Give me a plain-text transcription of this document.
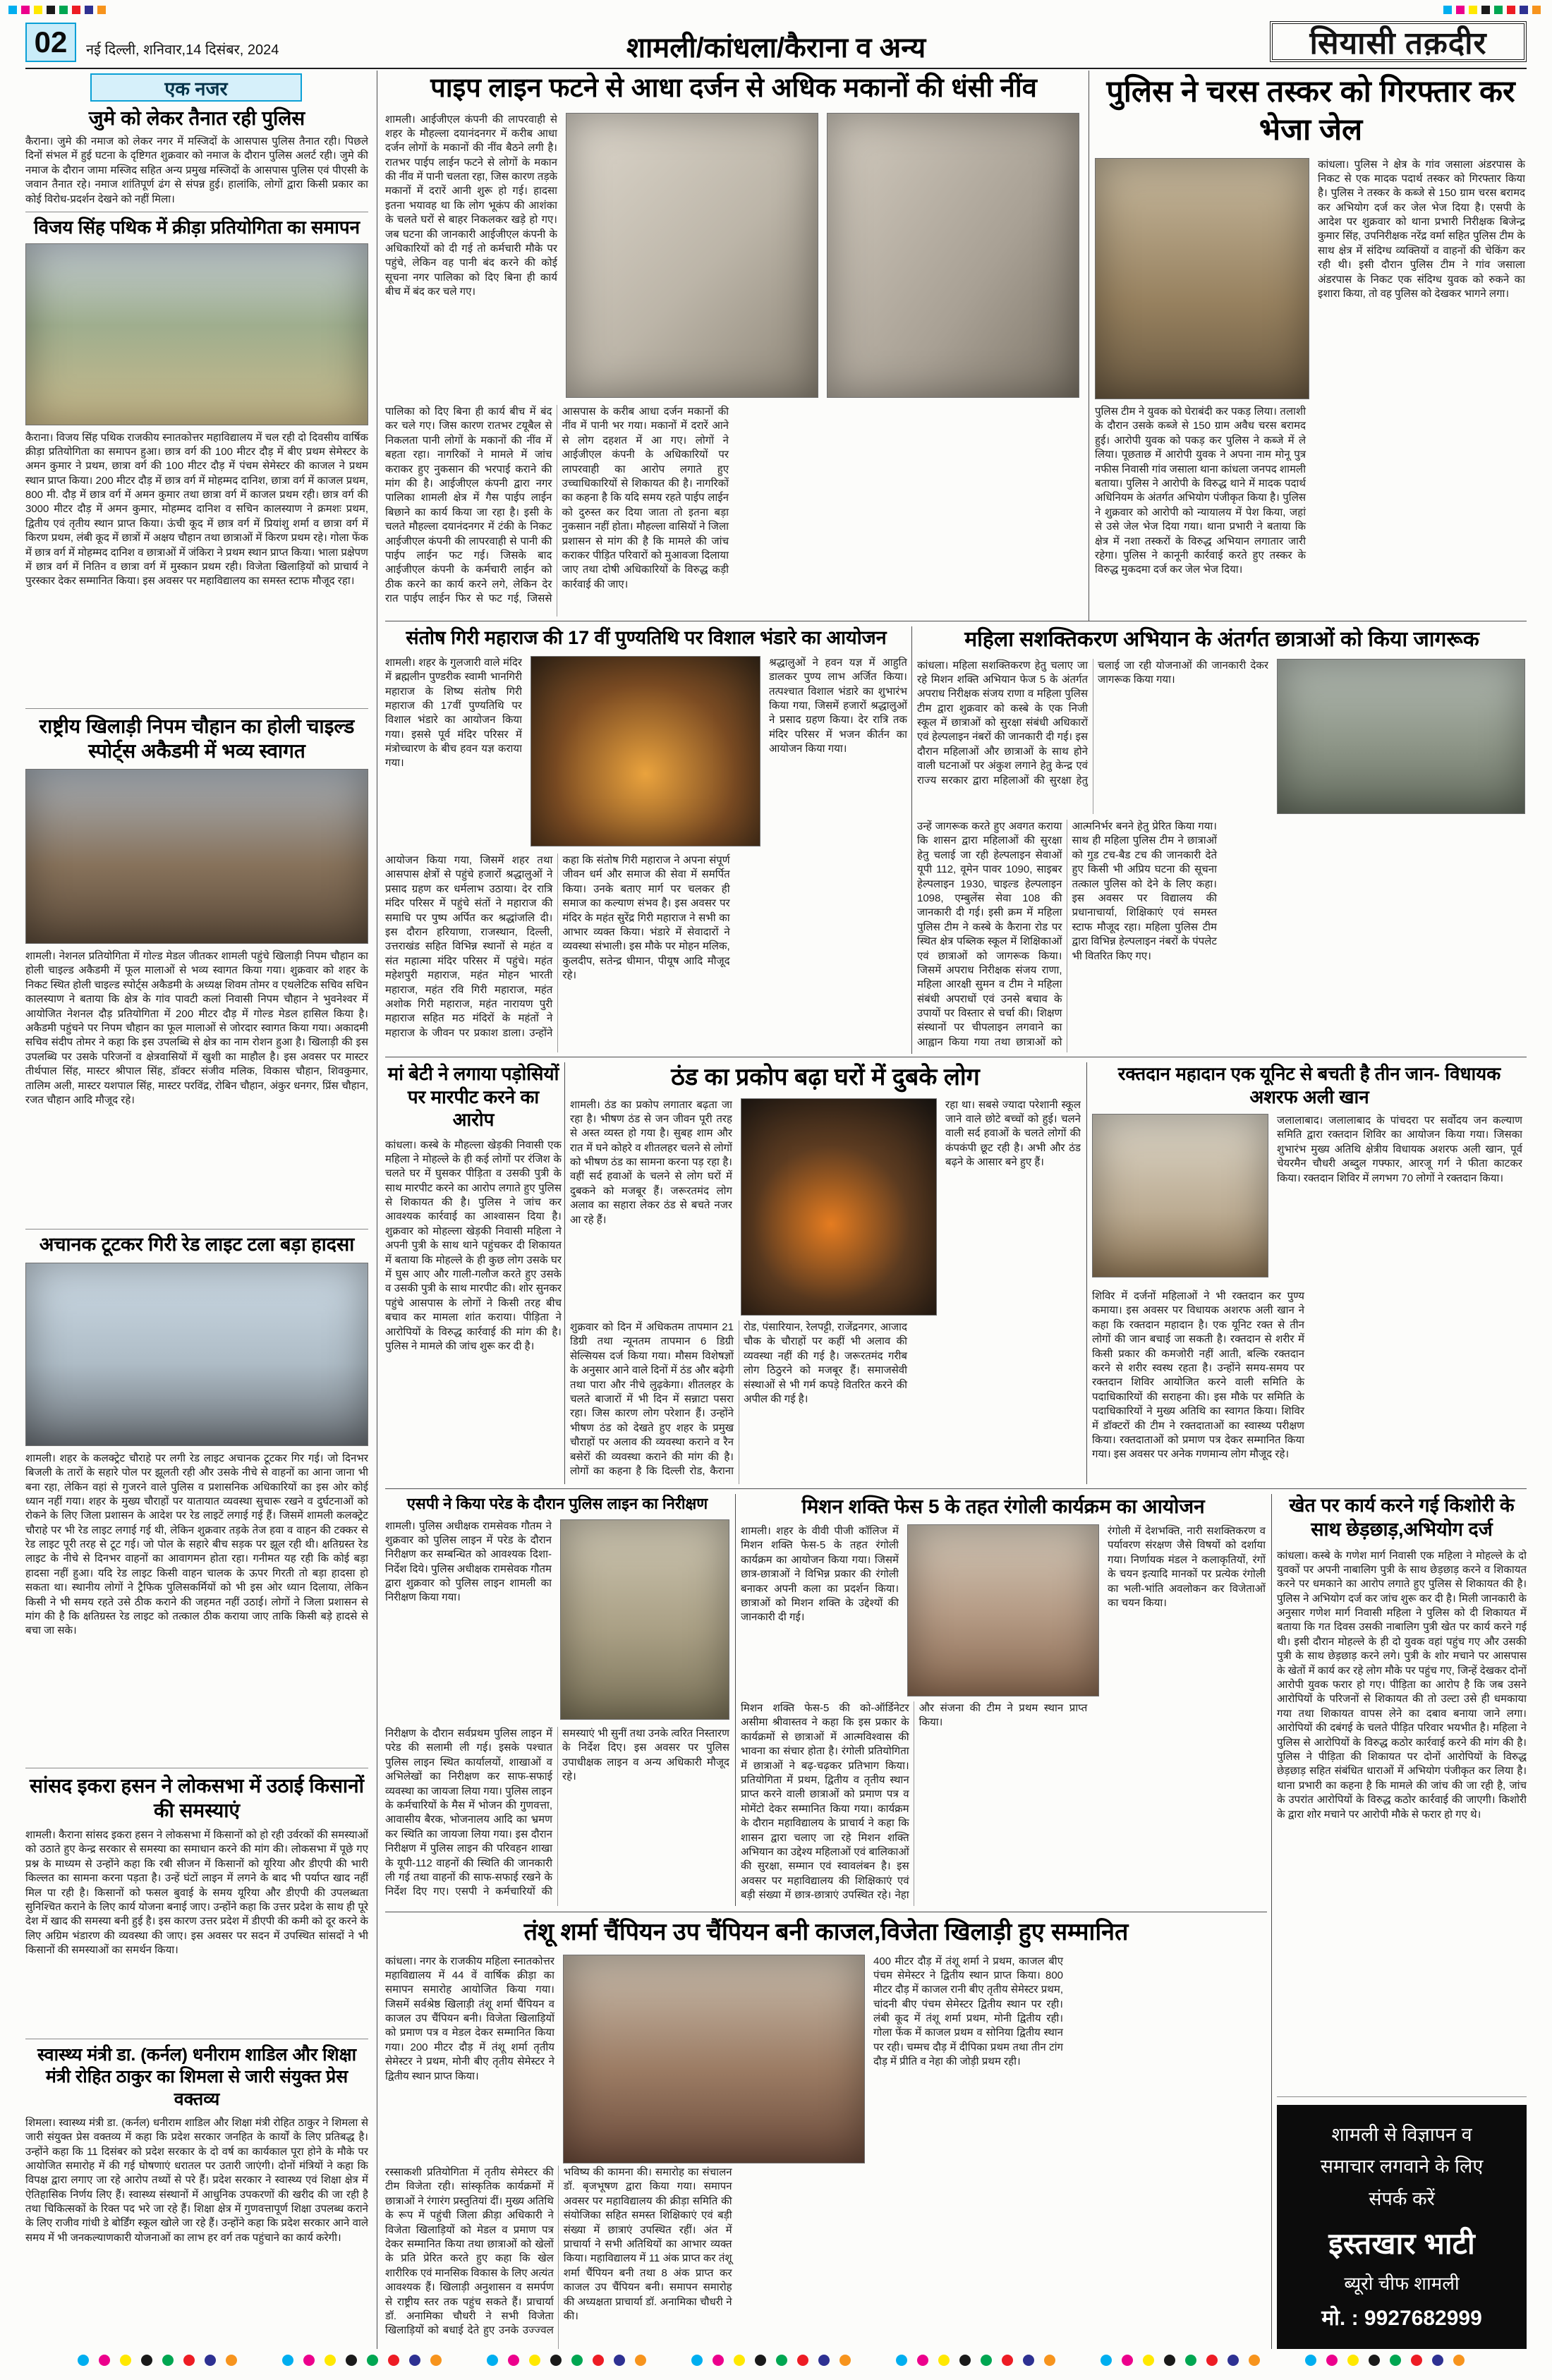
02	नई दिल्ली, शनिवार,14 दिसंबर, 2024	शामली/कांधला/कैराना व अन्य	सियासी तक़दीर
एक नजर
जुमे को लेकर तैनात रही पुलिस
कैराना। जुमे की नमाज को लेकर नगर में मस्जिदों के आसपास पुलिस तैनात रही। पिछले दिनों संभल में हुई घटना के दृष्टिगत शुक्रवार को नमाज के दौरान पुलिस अलर्ट रही। जुमे की नमाज के दौरान जामा मस्जिद सहित अन्य प्रमुख मस्जिदों के आसपास पुलिस एवं पीएसी के जवान तैनात रहे। नमाज शांतिपूर्ण ढंग से संपन्न हुई। हालांकि, लोगों द्वारा किसी प्रकार का कोई विरोध-प्रदर्शन देखने को नहीं मिला।
विजय सिंह पथिक में क्रीड़ा प्रतियोगिता का समापन
कैराना। विजय सिंह पथिक राजकीय स्नातकोत्तर महाविद्यालय में चल रही दो दिवसीय वार्षिक क्रीड़ा प्रतियोगिता का समापन हुआ। छात्र वर्ग की 100 मीटर दौड़ में बीए प्रथम सेमेस्टर के अमन कुमार ने प्रथम, छात्रा वर्ग की 100 मीटर दौड़ में पंचम सेमेस्टर की काजल ने प्रथम स्थान प्राप्त किया। 200 मीटर दौड़ में छात्र वर्ग में मोहम्मद दानिश, छात्रा वर्ग में काजल प्रथम, 800 मी. दौड़ में छात्र वर्ग में अमन कुमार तथा छात्रा वर्ग में काजल प्रथम रही। छात्र वर्ग की 3000 मीटर दौड़ में अमन कुमार, मोहम्मद दानिश व सचिन कालस्याण ने क्रमशः प्रथम, द्वितीय एवं तृतीय स्थान प्राप्त किया। ऊंची कूद में छात्र वर्ग में प्रियांशु शर्मा व छात्रा वर्ग में किरण प्रथम, लंबी कूद में छात्रों में अक्षय चौहान तथा छात्राओं में किरण प्रथम रहे। गोला फेंक में छात्र वर्ग में मोहम्मद दानिश व छात्राओं में जंकिरा ने प्रथम स्थान प्राप्त किया। भाला प्रक्षेपण में छात्र वर्ग में नितिन व छात्रा वर्ग में मुस्कान प्रथम रही। विजेता खिलाड़ियों को प्राचार्य ने पुरस्कार देकर सम्मानित किया। इस अवसर पर महाविद्यालय का समस्त स्टाफ मौजूद रहा।
राष्ट्रीय खिलाड़ी निपम चौहान का होली चाइल्ड स्पोर्ट्स अकैडमी में भव्य स्वागत
शामली। नेशनल प्रतियोगिता में गोल्ड मेडल जीतकर शामली पहुंचे खिलाड़ी निपम चौहान का होली चाइल्ड अकैडमी में फूल मालाओं से भव्य स्वागत किया गया। शुक्रवार को शहर के निकट स्थित होली चाइल्ड स्पोर्ट्स अकैडमी के अध्यक्ष शिवम तोमर व एथलेटिक सचिव सचिन कालस्याण ने बताया कि क्षेत्र के गांव पावटी कलां निवासी निपम चौहान ने भुवनेश्वर में आयोजित नेशनल दौड़ प्रतियोगिता में 200 मीटर दौड़ में गोल्ड मेडल हासिल किया है। अकैडमी पहुंचने पर निपम चौहान का फूल मालाओं से जोरदार स्वागत किया गया। अकादमी सचिव संदीप तोमर ने कहा कि इस उपलब्धि से क्षेत्र का नाम रोशन हुआ है। खिलाड़ी की इस उपलब्धि पर उसके परिजनों व क्षेत्रवासियों में खुशी का माहौल है। इस अवसर पर मास्टर तीर्थपाल सिंह, मास्टर श्रीपाल सिंह, डॉक्टर संजीव मलिक, विकास चौहान, शिवकुमार, तालिम अली, मास्टर यशपाल सिंह, मास्टर परविंद्र, रोबिन चौहान, अंकुर धनगर, प्रिंस चौहान, रजत चौहान आदि मौजूद रहे।
अचानक टूटकर गिरी रेड लाइट टला बड़ा हादसा
शामली। शहर के कलक्ट्रेट चौराहे पर लगी रेड लाइट अचानक टूटकर गिर गई। जो दिनभर बिजली के तारों के सहारे पोल पर झूलती रही और उसके नीचे से वाहनों का आना जाना भी बना रहा, लेकिन वहां से गुजरने वाले पुलिस व प्रशासनिक अधिकारियों का इस ओर कोई ध्यान नहीं गया। शहर के मुख्य चौराहों पर यातायात व्यवस्था सुचारू रखने व दुर्घटनाओं को रोकने के लिए जिला प्रशासन के आदेश पर रेड लाइटें लगाई गई हैं। जिसमें शामली कलक्ट्रेट चौराहे पर भी रेड लाइट लगाई गई थी, लेकिन शुक्रवार तड़के तेज हवा व वाहन की टक्कर से रेड लाइट पूरी तरह से टूट गई। जो पोल के सहारे बीच सड़क पर झूल रही थी। क्षतिग्रस्त रेड लाइट के नीचे से दिनभर वाहनों का आवागमन होता रहा। गनीमत यह रही कि कोई बड़ा हादसा नहीं हुआ। यदि रेड लाइट किसी वाहन चालक के ऊपर गिरती तो बड़ा हादसा हो सकता था। स्थानीय लोगों ने ट्रैफिक पुलिसकर्मियों को भी इस ओर ध्यान दिलाया, लेकिन किसी ने भी समय रहते उसे ठीक कराने की जहमत नहीं उठाई। लोगों ने जिला प्रशासन से मांग की है कि क्षतिग्रस्त रेड लाइट को तत्काल ठीक कराया जाए ताकि किसी बड़े हादसे से बचा जा सके।
सांसद इकरा हसन ने लोकसभा में उठाई किसानों की समस्याएं
शामली। कैराना सांसद इकरा हसन ने लोकसभा में किसानों को हो रही उर्वरकों की समस्याओं को उठाते हुए केन्द्र सरकार से समस्या का समाधान करने की मांग की। लोकसभा में पूछे गए प्रश्न के माध्यम से उन्होंने कहा कि रबी सीजन में किसानों को यूरिया और डीएपी की भारी किल्लत का सामना करना पड़ता है। उन्हें घंटों लाइन में लगने के बाद भी पर्याप्त खाद नहीं मिल पा रही है। किसानों को फसल बुवाई के समय यूरिया और डीएपी की उपलब्धता सुनिश्चित कराने के लिए कार्य योजना बनाई जाए। उन्होंने कहा कि उत्तर प्रदेश के साथ ही पूरे देश में खाद की समस्या बनी हुई है। इस कारण उत्तर प्रदेश में डीएपी की कमी को दूर करने के लिए अग्रिम भंडारण की व्यवस्था की जाए। इस अवसर पर सदन में उपस्थित सांसदों ने भी किसानों की समस्याओं का समर्थन किया।
स्वास्थ्य मंत्री डा. (कर्नल) धनीराम शाडिल और शिक्षा मंत्री रोहित ठाकुर का शिमला से जारी संयुक्त प्रेस वक्तव्य
शिमला। स्वास्थ्य मंत्री डा. (कर्नल) धनीराम शाडिल और शिक्षा मंत्री रोहित ठाकुर ने शिमला से जारी संयुक्त प्रेस वक्तव्य में कहा कि प्रदेश सरकार जनहित के कार्यों के लिए प्रतिबद्ध है। उन्होंने कहा कि 11 दिसंबर को प्रदेश सरकार के दो वर्ष का कार्यकाल पूरा होने के मौके पर आयोजित समारोह में की गई घोषणाएं धरातल पर उतारी जाएंगी। दोनों मंत्रियों ने कहा कि विपक्ष द्वारा लगाए जा रहे आरोप तथ्यों से परे हैं। प्रदेश सरकार ने स्वास्थ्य एवं शिक्षा क्षेत्र में ऐतिहासिक निर्णय लिए हैं। स्वास्थ्य संस्थानों में आधुनिक उपकरणों की खरीद की जा रही है तथा चिकित्सकों के रिक्त पद भरे जा रहे हैं। शिक्षा क्षेत्र में गुणवत्तापूर्ण शिक्षा उपलब्ध कराने के लिए राजीव गांधी डे बोर्डिंग स्कूल खोले जा रहे हैं। उन्होंने कहा कि प्रदेश सरकार आने वाले समय में भी जनकल्याणकारी योजनाओं का लाभ हर वर्ग तक पहुंचाने का कार्य करेगी।
पाइप लाइन फटने से आधा दर्जन से अधिक मकानों की धंसी नींव
शामली। आईजीएल कंपनी की लापरवाही से शहर के मौहल्ला दयानंदनगर में करीब आधा दर्जन लोगों के मकानों की नींव बैठने लगी है। रातभर पाईप लाईन फटने से लोगों के मकान की नींव में पानी चलता रहा, जिस कारण तड़के मकानों में दरारें आनी शुरू हो गई। हादसा इतना भयावह था कि लोग भूकंप की आशंका के चलते घरों से बाहर निकलकर खड़े हो गए। जब घटना की जानकारी आईजीएल कंपनी के अधिकारियों को दी गई तो कर्मचारी मौके पर पहुंचे, लेकिन वह पानी बंद करने की कोई सूचना नगर पालिका को दिए बिना ही कार्य बीच में बंद कर चले गए।
पालिका को दिए बिना ही कार्य बीच में बंद कर चले गए। जिस कारण रातभर टयूबैल से निकलता पानी लोगों के मकानों की नींव में बहता रहा। नागरिकों ने मामले में जांच कराकर हुए नुकसान की भरपाई कराने की मांग की है। आईजीएल कंपनी द्वारा नगर पालिका शामली क्षेत्र में गैस पाईप लाईन बिछाने का कार्य किया जा रहा है। इसी के चलते मौहल्ला दयानंदनगर में टंकी के निकट आईजीएल कंपनी की लापरवाही से पानी की पाईप लाईन फट गई। जिसके बाद आईजीएल कंपनी के कर्मचारी लाईन को ठीक करने का कार्य करने लगे, लेकिन देर रात पाईप लाईन फिर से फट गई, जिससे आसपास के करीब आधा दर्जन मकानों की नींव में पानी भर गया। मकानों में दरारें आने से लोग दहशत में आ गए। लोगों ने आईजीएल कंपनी के अधिकारियों पर लापरवाही का आरोप लगाते हुए उच्चाधिकारियों से शिकायत की है। नागरिकों का कहना है कि यदि समय रहते पाईप लाईन को दुरुस्त कर दिया जाता तो इतना बड़ा नुकसान नहीं होता। मौहल्ला वासियों ने जिला प्रशासन से मांग की है कि मामले की जांच कराकर पीड़ित परिवारों को मुआवजा दिलाया जाए तथा दोषी अधिकारियों के विरुद्ध कड़ी कार्रवाई की जाए।
पुलिस ने चरस तस्कर को गिरफ्तार कर भेजा जेल
कांधला। पुलिस ने क्षेत्र के गांव जसाला अंडरपास के निकट से एक मादक पदार्थ तस्कर को गिरफ्तार किया है। पुलिस ने तस्कर के कब्जे से 150 ग्राम चरस बरामद कर अभियोग दर्ज कर जेल भेज दिया है। एसपी के आदेश पर शुक्रवार को थाना प्रभारी निरीक्षक बिजेन्द्र कुमार सिंह, उपनिरीक्षक नरेंद्र वर्मा सहित पुलिस टीम के साथ क्षेत्र में संदिग्ध व्यक्तियों व वाहनों की चेकिंग कर रही थी। इसी दौरान पुलिस टीम ने गांव जसाला अंडरपास के निकट एक संदिग्ध युवक को रुकने का इशारा किया, तो वह पुलिस को देखकर भागने लगा।
पुलिस टीम ने युवक को घेराबंदी कर पकड़ लिया। तलाशी के दौरान उसके कब्जे से 150 ग्राम अवैध चरस बरामद हुई। आरोपी युवक को पकड़ कर पुलिस ने कब्जे में ले लिया। पूछताछ में आरोपी युवक ने अपना नाम मोनू पुत्र नफीस निवासी गांव जसाला थाना कांधला जनपद शामली बताया। पुलिस ने आरोपी के विरुद्ध थाने में मादक पदार्थ अधिनियम के अंतर्गत अभियोग पंजीकृत किया है। पुलिस ने शुक्रवार को आरोपी को न्यायालय में पेश किया, जहां से उसे जेल भेज दिया गया। थाना प्रभारी ने बताया कि क्षेत्र में नशा तस्करों के विरुद्ध अभियान लगातार जारी रहेगा। पुलिस ने कानूनी कार्रवाई करते हुए तस्कर के विरुद्ध मुकदमा दर्ज कर जेल भेज दिया।
संतोष गिरी महाराज की 17 वीं पुण्यतिथि पर विशाल भंडारे का आयोजन
शामली। शहर के गुलजारी वाले मंदिर में ब्रह्मलीन पुण्डरीक स्वामी भानगिरी महाराज के शिष्य संतोष गिरी महाराज की 17वीं पुण्यतिथि पर विशाल भंडारे का आयोजन किया गया। इससे पूर्व मंदिर परिसर में मंत्रोच्चारण के बीच हवन यज्ञ कराया गया।
श्रद्धालुओं ने हवन यज्ञ में आहुति डालकर पुण्य लाभ अर्जित किया। तत्पश्चात विशाल भंडारे का शुभारंभ किया गया, जिसमें हजारों श्रद्धालुओं ने प्रसाद ग्रहण किया। देर रात्रि तक मंदिर परिसर में भजन कीर्तन का आयोजन किया गया।
आयोजन किया गया, जिसमें शहर तथा आसपास क्षेत्रों से पहुंचे हजारों श्रद्धालुओं ने प्रसाद ग्रहण कर धर्मलाभ उठाया। देर रात्रि मंदिर परिसर में पहुंचे संतों ने महाराज की समाधि पर पुष्प अर्पित कर श्रद्धांजलि दी। इस दौरान हरियाणा, राजस्थान, दिल्ली, उत्तराखंड सहित विभिन्न स्थानों से महंत व संत महात्मा मंदिर परिसर में पहुंचे। महंत महेशपुरी महाराज, महंत मोहन भारती महाराज, महंत रवि गिरी महाराज, महंत अशोक गिरी महाराज, महंत नारायण पुरी महाराज सहित मठ मंदिरों के महंतों ने महाराज के जीवन पर प्रकाश डाला। उन्होंने कहा कि संतोष गिरी महाराज ने अपना संपूर्ण जीवन धर्म और समाज की सेवा में समर्पित किया। उनके बताए मार्ग पर चलकर ही समाज का कल्याण संभव है। इस अवसर पर मंदिर के महंत सुरेंद्र गिरी महाराज ने सभी का आभार व्यक्त किया। भंडारे में सेवादारों ने व्यवस्था संभाली। इस मौके पर मोहन मलिक, कुलदीप, सतेन्द्र धीमान, पीयूष आदि मौजूद रहे।
महिला सशक्तिकरण अभियान के अंतर्गत छात्राओं को किया जागरूक
कांधला। महिला सशक्तिकरण हेतु चलाए जा रहे मिशन शक्ति अभियान फेज 5 के अंतर्गत अपराध निरीक्षक संजय राणा व महिला पुलिस टीम द्वारा शुक्रवार को कस्बे के एक निजी स्कूल में छात्राओं को सुरक्षा संबंधी अधिकारों एवं हेल्पलाइन नंबरों की जानकारी दी गई। इस दौरान महिलाओं और छात्राओं के साथ होने वाली घटनाओं पर अंकुश लगाने हेतु केन्द्र एवं राज्य सरकार द्वारा महिलाओं की सुरक्षा हेतु चलाई जा रही योजनाओं की जानकारी देकर जागरूक किया गया।
उन्हें जागरूक करते हुए अवगत कराया कि शासन द्वारा महिलाओं की सुरक्षा हेतु चलाई जा रही हेल्पलाइन सेवाओं यूपी 112, वूमेन पावर 1090, साइबर हेल्पलाइन 1930, चाइल्ड हेल्पलाइन 1098, एम्बुलेंस सेवा 108 की जानकारी दी गई। इसी क्रम में महिला पुलिस टीम ने कस्बे के कैराना रोड पर स्थित क्षेत्र पब्लिक स्कूल में शिक्षिकाओं एवं छात्राओं को जागरूक किया। जिसमें अपराध निरीक्षक संजय राणा, महिला आरक्षी सुमन व टीम ने महिला संबंधी अपराधों एवं उनसे बचाव के उपायों पर विस्तार से चर्चा की। शिक्षण संस्थानों पर चीपलाइन लगवाने का आह्वान किया गया तथा छात्राओं को आत्मनिर्भर बनने हेतु प्रेरित किया गया। साथ ही महिला पुलिस टीम ने छात्राओं को गुड टच-बैड टच की जानकारी देते हुए किसी भी अप्रिय घटना की सूचना तत्काल पुलिस को देने के लिए कहा। इस अवसर पर विद्यालय की प्रधानाचार्या, शिक्षिकाएं एवं समस्त स्टाफ मौजूद रहा। महिला पुलिस टीम द्वारा विभिन्न हेल्पलाइन नंबरों के पंपलेट भी वितरित किए गए।
मां बेटी ने लगाया पड़ोसियों पर मारपीट करने का आरोप
कांधला। कस्बे के मौहल्ला खेड़की निवासी एक महिला ने मोहल्ले के ही कई लोगों पर रंजिश के चलते घर में घुसकर पीड़िता व उसकी पुत्री के साथ मारपीट करने का आरोप लगाते हुए पुलिस से शिकायत की है। पुलिस ने जांच कर आवश्यक कार्रवाई का आश्वासन दिया है। शुक्रवार को मोहल्ला खेड़की निवासी महिला ने अपनी पुत्री के साथ थाने पहुंचकर दी शिकायत में बताया कि मोहल्ले के ही कुछ लोग उसके घर में घुस आए और गाली-गलौज करते हुए उसके व उसकी पुत्री के साथ मारपीट की। शोर सुनकर पहुंचे आसपास के लोगों ने किसी तरह बीच बचाव कर मामला शांत कराया। पीड़िता ने आरोपियों के विरुद्ध कार्रवाई की मांग की है। पुलिस ने मामले की जांच शुरू कर दी है।
ठंड का प्रकोप बढ़ा घरों में दुबके लोग
शामली। ठंड का प्रकोप लगातार बढ़ता जा रहा है। भीषण ठंड से जन जीवन पूरी तरह से अस्त व्यस्त हो गया है। सुबह शाम और रात में घने कोहरे व शीतलहर चलने से लोगों को भीषण ठंड का सामना करना पड़ रहा है। वहीं सर्द हवाओं के चलने से लोग घरों में दुबकने को मजबूर हैं। जरूरतमंद लोग अलाव का सहारा लेकर ठंड से बचते नजर आ रहे हैं।
रहा था। सबसे ज्यादा परेशानी स्कूल जाने वाले छोटे बच्चों को हुई। चलने वाली सर्द हवाओं के चलते लोगों की कंपकंपी छूट रही है। अभी और ठंड बढ़ने के आसार बने हुए हैं।
शुक्रवार को दिन में अधिकतम तापमान 21 डिग्री तथा न्यूनतम तापमान 6 डिग्री सेल्सियस दर्ज किया गया। मौसम विशेषज्ञों के अनुसार आने वाले दिनों में ठंड और बढ़ेगी तथा पारा और नीचे लुढ़केगा। शीतलहर के चलते बाजारों में भी दिन में सन्नाटा पसरा रहा। जिस कारण लोग परेशान हैं। उन्होंने भीषण ठंड को देखते हुए शहर के प्रमुख चौराहों पर अलाव की व्यवस्था कराने व रैन बसेरों की व्यवस्था कराने की मांग की है। लोगों का कहना है कि दिल्ली रोड, कैराना रोड, पंसारियान, रेलपट्टी, राजेंद्रनगर, आजाद चौक के चौराहों पर कहीं भी अलाव की व्यवस्था नहीं की गई है। जरूरतमंद गरीब लोग ठिठुरने को मजबूर हैं। समाजसेवी संस्थाओं से भी गर्म कपड़े वितरित करने की अपील की गई है।
रक्तदान महादान एक यूनिट से बचती है तीन जान- विधायक अशरफ अली खान
जलालाबाद। जलालाबाद के पांचदरा पर सर्वोदय जन कल्याण समिति द्वारा रक्तदान शिविर का आयोजन किया गया। जिसका शुभारंभ मुख्य अतिथि क्षेत्रीय विधायक अशरफ अली खान, पूर्व चेयरमैन चौधरी अब्दुल गफ्फार, आरजू गर्ग ने फीता काटकर किया। रक्तदान शिविर में लगभग 70 लोगों ने रक्तदान किया।
शिविर में दर्जनों महिलाओं ने भी रक्तदान कर पुण्य कमाया। इस अवसर पर विधायक अशरफ अली खान ने कहा कि रक्तदान महादान है। एक यूनिट रक्त से तीन लोगों की जान बचाई जा सकती है। रक्तदान से शरीर में किसी प्रकार की कमजोरी नहीं आती, बल्कि रक्तदान करने से शरीर स्वस्थ रहता है। उन्होंने समय-समय पर रक्तदान शिविर आयोजित करने वाली समिति के पदाधिकारियों की सराहना की। इस मौके पर समिति के पदाधिकारियों ने मुख्य अतिथि का स्वागत किया। शिविर में डॉक्टरों की टीम ने रक्तदाताओं का स्वास्थ्य परीक्षण किया। रक्तदाताओं को प्रमाण पत्र देकर सम्मानित किया गया। इस अवसर पर अनेक गणमान्य लोग मौजूद रहे।
एसपी ने किया परेड के दौरान पुलिस लाइन का निरीक्षण
शामली। पुलिस अधीक्षक रामसेवक गौतम ने शुक्रवार को पुलिस लाइन में परेड के दौरान निरीक्षण कर सम्बन्धित को आवश्यक दिशा-निर्देश दिये। पुलिस अधीक्षक रामसेवक गौतम द्वारा शुक्रवार को पुलिस लाइन शामली का निरीक्षण किया गया।
निरीक्षण के दौरान सर्वप्रथम पुलिस लाइन में परेड की सलामी ली गई। इसके पश्चात पुलिस लाइन स्थित कार्यालयों, शाखाओं व अभिलेखों का निरीक्षण कर साफ-सफाई व्यवस्था का जायजा लिया गया। पुलिस लाइन के कर्मचारियों के मैस में भोजन की गुणवत्ता, आवासीय बैरक, भोजनालय आदि का भ्रमण कर स्थिति का जायजा लिया गया। इस दौरान निरीक्षण में पुलिस लाइन की परिवहन शाखा के यूपी-112 वाहनों की स्थिति की जानकारी ली गई तथा वाहनों की साफ-सफाई रखने के निर्देश दिए गए। एसपी ने कर्मचारियों की समस्याएं भी सुनीं तथा उनके त्वरित निस्तारण के निर्देश दिए। इस अवसर पर पुलिस उपाधीक्षक लाइन व अन्य अधिकारी मौजूद रहे।
मिशन शक्ति फेस 5 के तहत रंगोली कार्यक्रम का आयोजन
शामली। शहर के वीवी पीजी कॉलिज में मिशन शक्ति फेस-5 के तहत रंगोली कार्यक्रम का आयोजन किया गया। जिसमें छात्र-छात्राओं ने विभिन्न प्रकार की रंगोली बनाकर अपनी कला का प्रदर्शन किया। छात्राओं को मिशन शक्ति के उद्देश्यों की जानकारी दी गई।
रंगोली में देशभक्ति, नारी सशक्तिकरण व पर्यावरण संरक्षण जैसे विषयों को दर्शाया गया। निर्णायक मंडल ने कलाकृतियों, रंगों के चयन इत्यादि मानकों पर प्रत्येक रंगोली का भली-भांति अवलोकन कर विजेताओं का चयन किया।
मिशन शक्ति फेस-5 की को-ऑर्डिनेटर असीमा श्रीवास्तव ने कहा कि इस प्रकार के कार्यक्रमों से छात्राओं में आत्मविश्वास की भावना का संचार होता है। रंगोली प्रतियोगिता में छात्राओं ने बढ़-चढ़कर प्रतिभाग किया। प्रतियोगिता में प्रथम, द्वितीय व तृतीय स्थान प्राप्त करने वाली छात्राओं को प्रमाण पत्र व मोमेंटो देकर सम्मानित किया गया। कार्यक्रम के दौरान महाविद्यालय के प्राचार्य ने कहा कि शासन द्वारा चलाए जा रहे मिशन शक्ति अभियान का उद्देश्य महिलाओं एवं बालिकाओं की सुरक्षा, सम्मान एवं स्वावलंबन है। इस अवसर पर महाविद्यालय की शिक्षिकाएं एवं बड़ी संख्या में छात्र-छात्राएं उपस्थित रहे। नेहा और संजना की टीम ने प्रथम स्थान प्राप्त किया।
खेत पर कार्य करने गई किशोरी के साथ छेड़छाड़,अभियोग दर्ज
कांधला। कस्बे के गणेश मार्ग निवासी एक महिला ने मोहल्ले के दो युवकों पर अपनी नाबालिग पुत्री के साथ छेड़छाड़ करने व शिकायत करने पर धमकाने का आरोप लगाते हुए पुलिस से शिकायत की है। पुलिस ने अभियोग दर्ज कर जांच शुरू कर दी है। मिली जानकारी के अनुसार गणेश मार्ग निवासी महिला ने पुलिस को दी शिकायत में बताया कि गत दिवस उसकी नाबालिग पुत्री खेत पर कार्य करने गई थी। इसी दौरान मोहल्ले के ही दो युवक वहां पहुंच गए और उसकी पुत्री के साथ छेड़छाड़ करने लगे। पुत्री के शोर मचाने पर आसपास के खेतों में कार्य कर रहे लोग मौके पर पहुंच गए, जिन्हें देखकर दोनों आरोपी युवक फरार हो गए। पीड़िता का आरोप है कि जब उसने आरोपियों के परिजनों से शिकायत की तो उल्टा उसे ही धमकाया गया तथा शिकायत वापस लेने का दबाव बनाया जाने लगा। आरोपियों की दबंगई के चलते पीड़ित परिवार भयभीत है। महिला ने पुलिस से आरोपियों के विरुद्ध कठोर कार्रवाई करने की मांग की है। पुलिस ने पीड़िता की शिकायत पर दोनों आरोपियों के विरुद्ध छेड़छाड़ सहित संबंधित धाराओं में अभियोग पंजीकृत कर लिया है। थाना प्रभारी का कहना है कि मामले की जांच की जा रही है, जांच के उपरांत आरोपियों के विरुद्ध कठोर कार्रवाई की जाएगी। किशोरी के द्वारा शोर मचाने पर आरोपी मौके से फरार हो गए थे।
शामली से विज्ञापन व
समाचार लगवाने के लिए
संपर्क करें
इस्तखार भाटी
ब्यूरो चीफ शामली
मो. : 9927682999
तंशू शर्मा चैंपियन उप चैंपियन बनी काजल,विजेता खिलाड़ी हुए सम्मानित
कांधला। नगर के राजकीय महिला स्नातकोत्तर महाविद्यालय में 44 वें वार्षिक क्रीड़ा का समापन समारोह आयोजित किया गया। जिसमें सर्वश्रेष्ठ खिलाड़ी तंशू शर्मा चैंपियन व काजल उप चैंपियन बनी। विजेता खिलाड़ियों को प्रमाण पत्र व मेडल देकर सम्मानित किया गया। 200 मीटर दौड़ में तंशू शर्मा तृतीय सेमेस्टर ने प्रथम, मोनी बीए तृतीय सेमेस्टर ने द्वितीय स्थान प्राप्त किया।
400 मीटर दौड़ में तंशू शर्मा ने प्रथम, काजल बीए पंचम सेमेस्टर ने द्वितीय स्थान प्राप्त किया। 800 मीटर दौड़ में काजल रानी बीए तृतीय सेमेस्टर प्रथम, चांदनी बीए पंचम सेमेस्टर द्वितीय स्थान पर रही। लंबी कूद में तंशू शर्मा प्रथम, मोनी द्वितीय रही। गोला फेंक में काजल प्रथम व सोनिया द्वितीय स्थान पर रही। चम्मच दौड़ में दीपिका प्रथम तथा तीन टांग दौड़ में प्रीति व नेहा की जोड़ी प्रथम रही।
रस्साकशी प्रतियोगिता में तृतीय सेमेस्टर की टीम विजेता रही। सांस्कृतिक कार्यक्रमों में छात्राओं ने रंगारंग प्रस्तुतियां दीं। मुख्य अतिथि के रूप में पहुंची जिला क्रीड़ा अधिकारी ने विजेता खिलाड़ियों को मेडल व प्रमाण पत्र देकर सम्मानित किया तथा छात्राओं को खेलों के प्रति प्रेरित करते हुए कहा कि खेल शारीरिक एवं मानसिक विकास के लिए अत्यंत आवश्यक हैं। खिलाड़ी अनुशासन व समर्पण से राष्ट्रीय स्तर तक पहुंच सकते हैं। प्राचार्या डॉ. अनामिका चौधरी ने सभी विजेता खिलाड़ियों को बधाई देते हुए उनके उज्ज्वल भविष्य की कामना की। समारोह का संचालन डॉ. बृजभूषण द्वारा किया गया। समापन अवसर पर महाविद्यालय की क्रीड़ा समिति की संयोजिका सहित समस्त शिक्षिकाएं एवं बड़ी संख्या में छात्राएं उपस्थित रहीं। अंत में प्राचार्या ने सभी अतिथियों का आभार व्यक्त किया। महाविद्यालय में 11 अंक प्राप्त कर तंशू शर्मा चैंपियन बनी तथा 8 अंक प्राप्त कर काजल उप चैंपियन बनी। समापन समारोह की अध्यक्षता प्राचार्या डॉ. अनामिका चौधरी ने की।
